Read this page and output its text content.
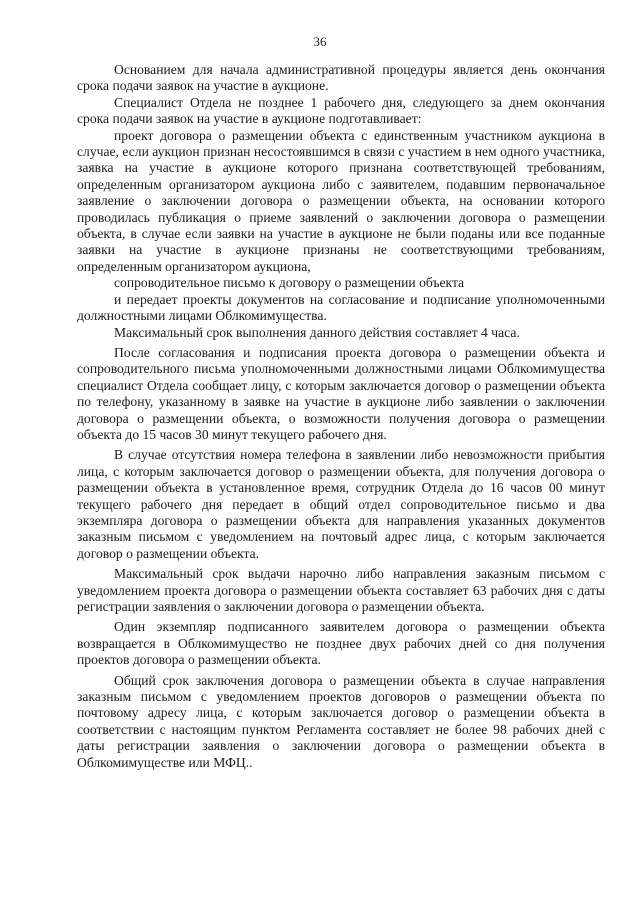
36

Основанием для начала административной процедуры является день окончания срока подачи заявок на участие в аукционе.

Специалист Отдела не позднее 1 рабочего дня, следующего за днем окончания срока подачи заявок на участие в аукционе подготавливает:

проект договора о размещении объекта с единственным участником аукциона в случае, если аукцион признан несостоявшимся в связи с участием в нем одного участника, заявка на участие в аукционе которого признана соответствующей требованиям, определенным организатором аукциона либо с заявителем, подавшим первоначальное заявление о заключении договора о размещении объекта, на основании которого проводилась публикация о приеме заявлений о заключении договора о размещении объекта, в случае если заявки на участие в аукционе не были поданы или все поданные заявки на участие в аукционе признаны не соответствующими требованиям, определенным организатором аукциона,

сопроводительное письмо к договору о размещении объекта

и передает проекты документов на согласование и подписание уполномоченными должностными лицами Облкомимущества.

Максимальный срок выполнения данного действия составляет 4 часа.

После согласования и подписания проекта договора о размещении объекта и сопроводительного письма уполномоченными должностными лицами Облкомимущества специалист Отдела сообщает лицу, с которым заключается договор о размещении объекта по телефону, указанному в заявке на участие в аукционе либо заявлении о заключении договора о размещении объекта, о возможности получения договора о размещении объекта до 15 часов 30 минут текущего рабочего дня.

В случае отсутствия номера телефона в заявлении либо невозможности прибытия лица, с которым заключается договор о размещении объекта, для получения договора о размещении объекта в установленное время, сотрудник Отдела до 16 часов 00 минут текущего рабочего дня передает в общий отдел сопроводительное письмо и два экземпляра договора о размещении объекта для направления указанных документов заказным письмом с уведомлением на почтовый адрес лица, с которым заключается договор о размещении объекта.

Максимальный срок выдачи нарочно либо направления заказным письмом с уведомлением проекта договора о размещении объекта составляет 63 рабочих дня с даты регистрации заявления о заключении договора о размещении объекта.

Один экземпляр подписанного заявителем договора о размещении объекта возвращается в Облкомимущество не позднее двух рабочих дней со дня получения проектов договора о размещении объекта.

Общий срок заключения договора о размещении объекта в случае направления заказным письмом с уведомлением проектов договоров о размещении объекта по почтовому адресу лица, с которым заключается договор о размещении объекта в соответствии с настоящим пунктом Регламента составляет не более 98 рабочих дней с даты регистрации заявления о заключении договора о размещении объекта в Облкомимуществе или МФЦ..
